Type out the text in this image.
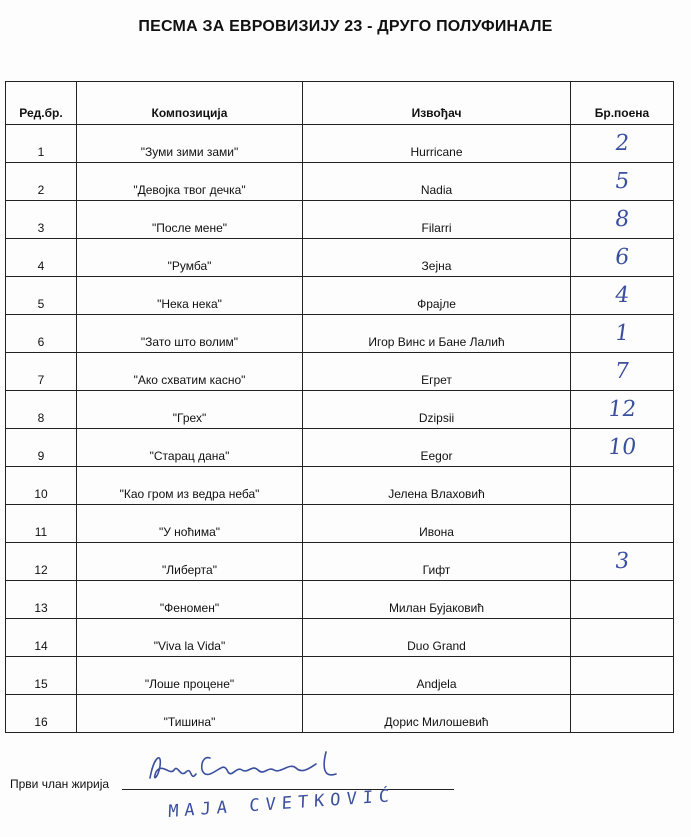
ПЕСМА ЗА ЕВРОВИЗИЈУ 23 - ДРУГО ПОЛУФИНАЛЕ
Ред.бр.	Композиција	Извођач	Бр.поена
1	"Зуми зими зами"	Hurricane	2
2	"Девојка твог дечка"	Nadia	5
3	"После мене"	Filarri	8
4	"Румба"	Зејна	6
5	"Нека нека"	Фрајле	4
6	"Зато што волим"	Игор Винс и Бане Лалић	1
7	"Ако схватим касно"	Егрет	7
8	"Грех"	Dzipsii	12
9	"Старац дана"	Eegor	10
10	"Као гром из ведра неба"	Јелена Влаховић	
11	"У ноћима"	Ивона	
12	"Либерта"	Гифт	3
13	"Феномен"	Милан Бујаковић	
14	"Viva la Vida"	Duo Grand	
15	"Лоше процене"	Andjela	
16	"Тишина"	Дорис Милошевић	
Први члан жирија
MAJA CVETKOVIĆ
